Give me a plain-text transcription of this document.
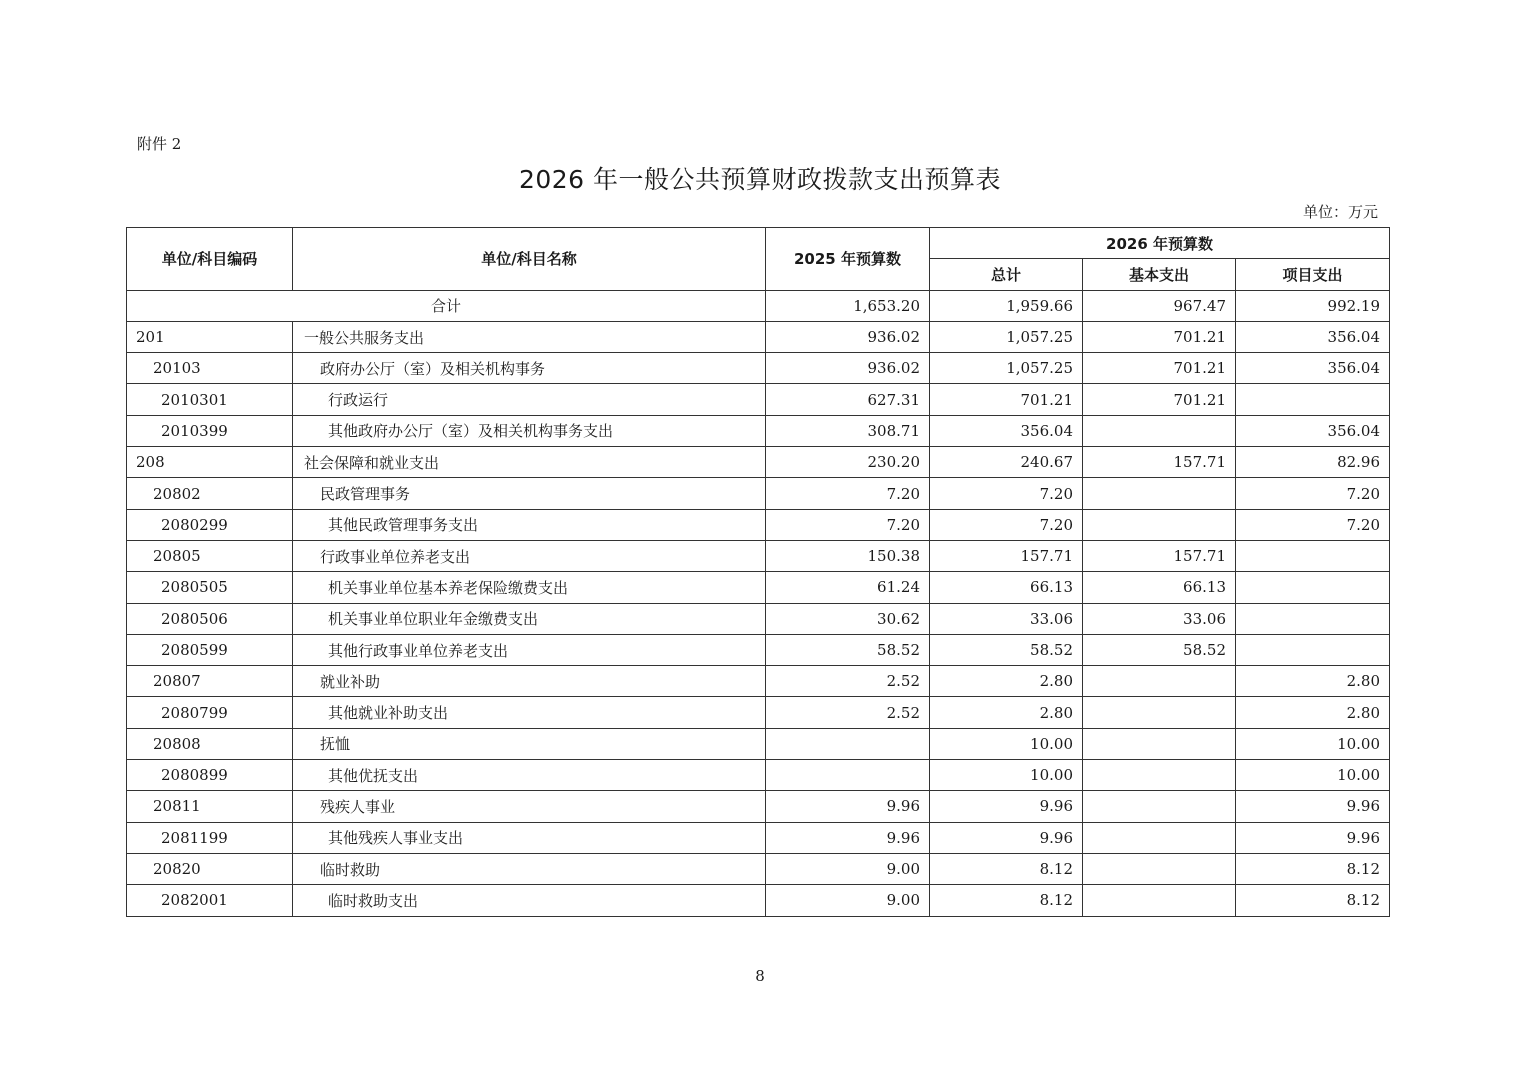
附件 2
2026 年一般公共预算财政拨款支出预算表
单位：万元
单位/科目编码	单位/科目名称	2025 年预算数	2026 年预算数		
			总计	基本支出	项目支出
合计		1,653.20	1,959.66	967.47	992.19
201	一般公共服务支出	936.02	1,057.25	701.21	356.04
20103	政府办公厅（室）及相关机构事务	936.02	1,057.25	701.21	356.04
2010301	行政运行	627.31	701.21	701.21	
2010399	其他政府办公厅（室）及相关机构事务支出	308.71	356.04		356.04
208	社会保障和就业支出	230.20	240.67	157.71	82.96
20802	民政管理事务	7.20	7.20		7.20
2080299	其他民政管理事务支出	7.20	7.20		7.20
20805	行政事业单位养老支出	150.38	157.71	157.71	
2080505	机关事业单位基本养老保险缴费支出	61.24	66.13	66.13	
2080506	机关事业单位职业年金缴费支出	30.62	33.06	33.06	
2080599	其他行政事业单位养老支出	58.52	58.52	58.52	
20807	就业补助	2.52	2.80		2.80
2080799	其他就业补助支出	2.52	2.80		2.80
20808	抚恤		10.00		10.00
2080899	其他优抚支出		10.00		10.00
20811	残疾人事业	9.96	9.96		9.96
2081199	其他残疾人事业支出	9.96	9.96		9.96
20820	临时救助	9.00	8.12		8.12
2082001	临时救助支出	9.00	8.12		8.12
8
